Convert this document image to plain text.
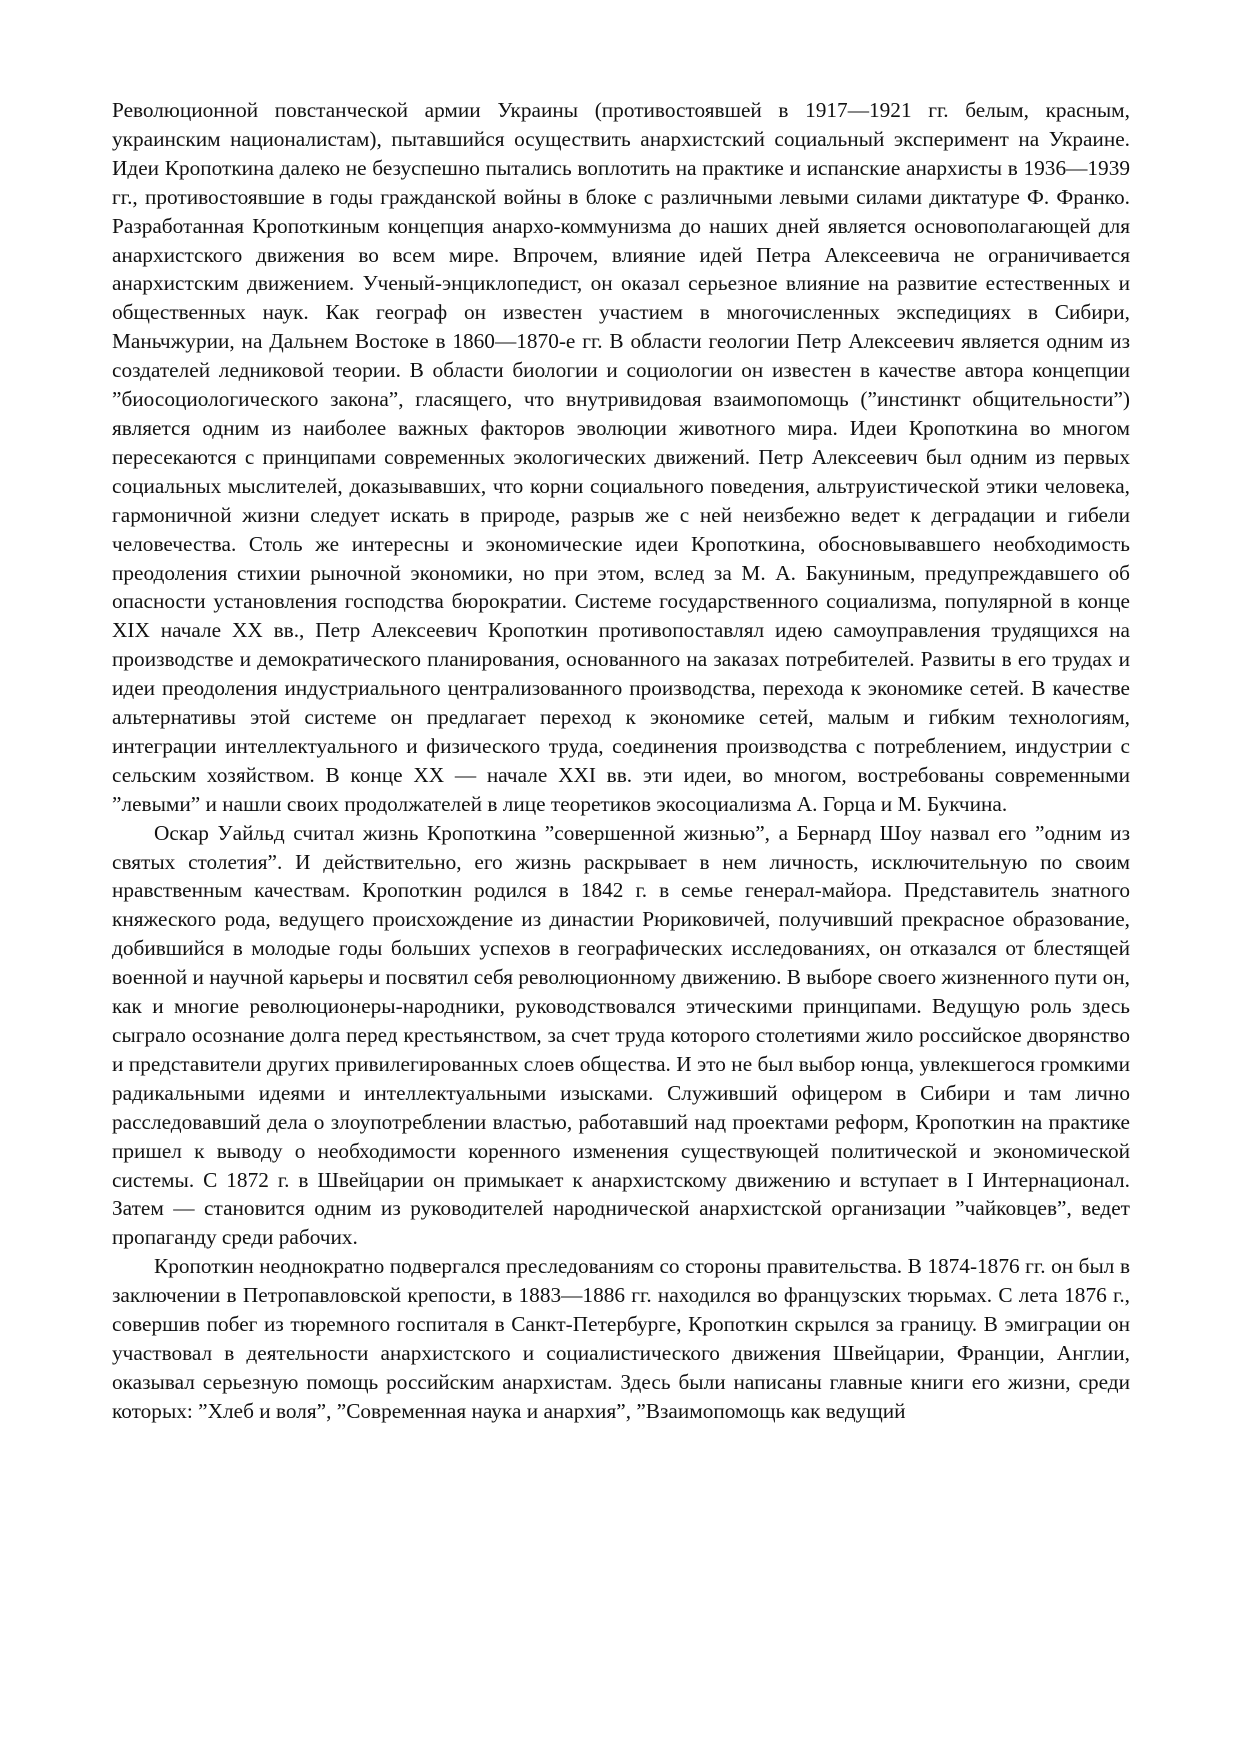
Революционной повстанческой армии Украины (противостоявшей в 1917—1921 гг. белым, красным, украинским националистам), пытавшийся осуществить анархистский социальный эксперимент на Украине. Идеи Кропоткина далеко не безуспешно пытались воплотить на практике и испанские анархисты в 1936—1939 гг., противостоявшие в годы гражданской войны в блоке с различными левыми силами диктатуре Ф. Франко. Разработанная Кропоткиным концепция анархо-коммунизма до наших дней является основополагающей для анархистского движения во всем мире. Впрочем, влияние идей Петра Алексеевича не ограничивается анархистским движением. Ученый-энциклопедист, он оказал серьезное влияние на развитие естественных и общественных наук. Как географ он известен участием в многочисленных экспедициях в Сибири, Маньчжурии, на Дальнем Востоке в 1860—1870-е гг. В области геологии Петр Алексеевич является одним из создателей ледниковой теории. В области биологии и социологии он известен в качестве автора концепции ”биосоциологического закона”, гласящего, что внутривидовая взаимопомощь (”инстинкт общительности”) является одним из наиболее важных факторов эволюции животного мира. Идеи Кропоткина во многом пересекаются с принципами современных экологических движений. Петр Алексеевич был одним из первых социальных мыслителей, доказывавших, что корни социального поведения, альтруистической этики человека, гармоничной жизни следует искать в природе, разрыв же с ней неизбежно ведет к деградации и гибели человечества. Столь же интересны и экономические идеи Кропоткина, обосновывавшего необходимость преодоления стихии рыночной экономики, но при этом, вслед за М. А. Бакуниным, предупреждавшего об опасности установления господства бюрократии. Системе государственного социализма, популярной в конце XIX начале XX вв., Петр Алексеевич Кропоткин противопоставлял идею самоуправления трудящихся на производстве и демократического планирования, основанного на заказах потребителей. Развиты в его трудах и идеи преодоления индустриального централизованного производства, перехода к экономике сетей. В качестве альтернативы этой системе он предлагает переход к экономике сетей, малым и гибким технологиям, интеграции интеллектуального и физического труда, соединения производства с потреблением, индустрии с сельским хозяйством. В конце XX — начале XXI вв. эти идеи, во многом, востребованы современными ”левыми” и нашли своих продолжателей в лице теоретиков экосоциализма А. Горца и М. Букчина.

Оскар Уайльд считал жизнь Кропоткина ”совершенной жизнью”, а Бернард Шоу назвал его ”одним из святых столетия”. И действительно, его жизнь раскрывает в нем личность, исключительную по своим нравственным качествам. Кропоткин родился в 1842 г. в семье генерал-майора. Представитель знатного княжеского рода, ведущего происхождение из династии Рюриковичей, получивший прекрасное образование, добившийся в молодые годы больших успехов в географических исследованиях, он отказался от блестящей военной и научной карьеры и посвятил себя революционному движению. В выборе своего жизненного пути он, как и многие революционеры-народники, руководствовался этическими принципами. Ведущую роль здесь сыграло осознание долга перед крестьянством, за счет труда которого столетиями жило российское дворянство и представители других привилегированных слоев общества. И это не был выбор юнца, увлекшегося громкими радикальными идеями и интеллектуальными изысками. Служивший офицером в Сибири и там лично расследовавший дела о злоупотреблении властью, работавший над проектами реформ, Кропоткин на практике пришел к выводу о необходимости коренного изменения существующей политической и экономической системы. С 1872 г. в Швейцарии он примыкает к анархистскому движению и вступает в I Интернационал. Затем — становится одним из руководителей народнической анархистской организации ”чайковцев”, ведет пропаганду среди рабочих.

Кропоткин неоднократно подвергался преследованиям со стороны правительства. В 1874-1876 гг. он был в заключении в Петропавловской крепости, в 1883—1886 гг. находился во французских тюрьмах. С лета 1876 г., совершив побег из тюремного госпиталя в Санкт-Петербурге, Кропоткин скрылся за границу. В эмиграции он участвовал в деятельности анархистского и социалистического движения Швейцарии, Франции, Англии, оказывал серьезную помощь российским анархистам. Здесь были написаны главные книги его жизни, среди которых: ”Хлеб и воля”, ”Современная наука и анархия”, ”Взаимопомощь как ведущий
